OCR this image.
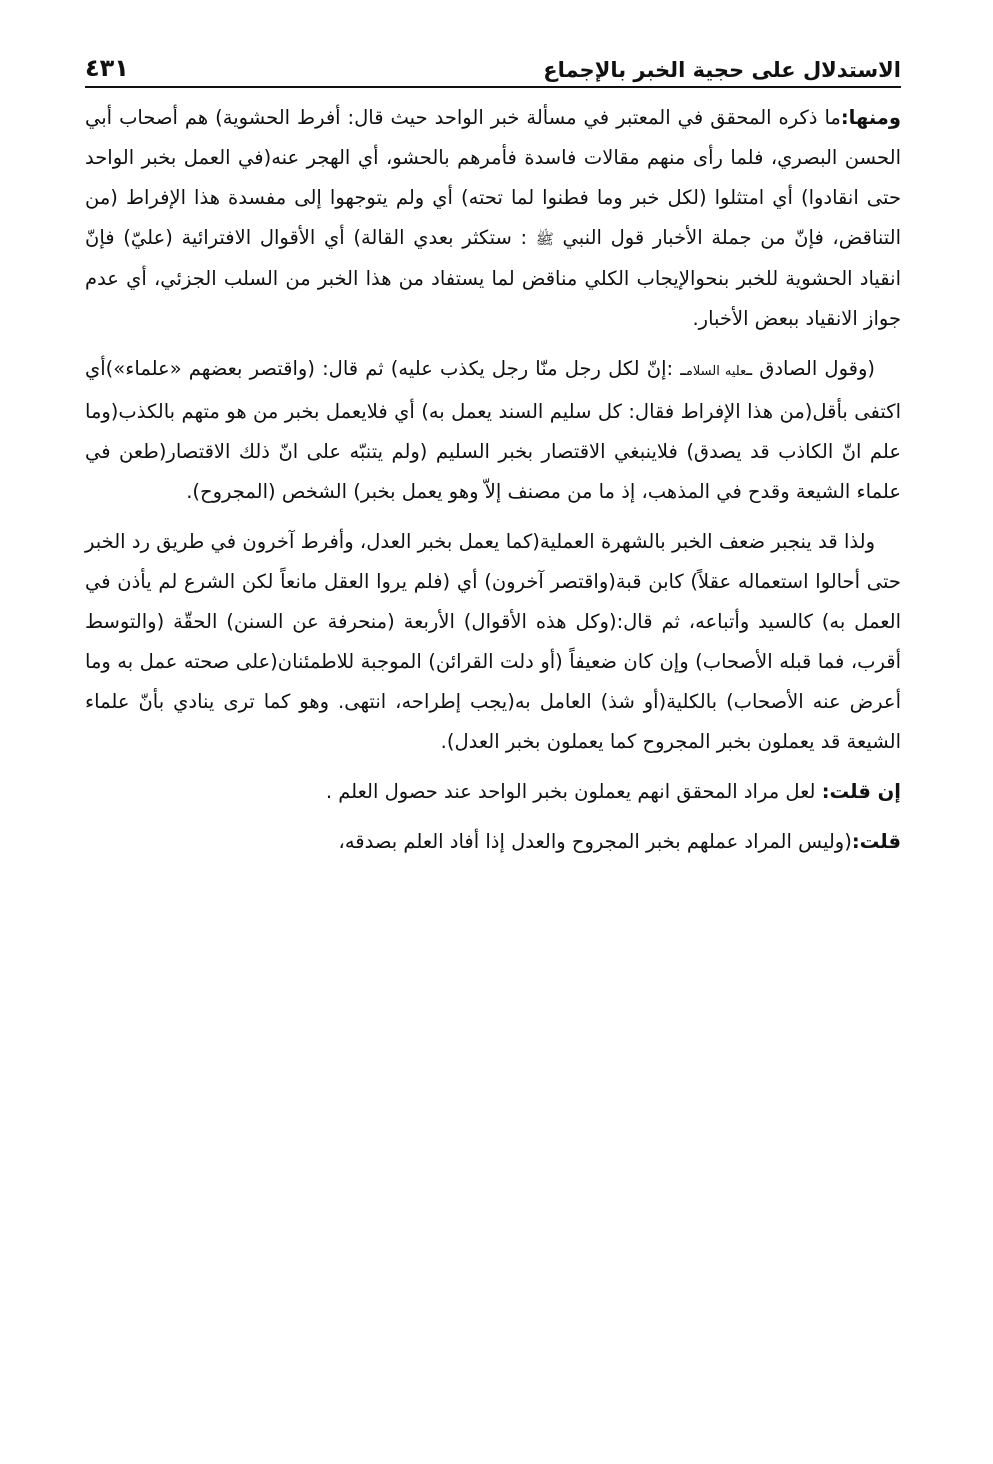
الاستدلال على حجية الخبر بالإجماع
٤٣١

ومنها:ما ذكره المحقق في المعتبر في مسألة خبر الواحد حيث قال: أفرط الحشوية) هم أصحاب أبي الحسن البصري، فلما رأى منهم مقالات فاسدة فأمرهم بالحشو، أي الهجر عنه(في العمل بخبر الواحد حتى انقادوا) أي امتثلوا (لكل خبر وما فطنوا لما تحته) أي ولم يتوجهوا إلى مفسدة هذا الإفراط (من التناقض، فإنّ من جملة الأخبار قول النبي ﷺ : ستكثر بعدي القالة) أي الأقوال الافترائية (عليّ) فإنّ انقياد الحشوية للخبر بنحوالإيجاب الكلي مناقض لما يستفاد من هذا الخبر من السلب الجزئي، أي عدم جواز الانقياد ببعض الأخبار.

(وقول الصادق ـعليه السلامـ :إنّ لكل رجل منّا رجل يكذب عليه) ثم قال: (واقتصر بعضهم «علماء»)أي اكتفى بأقل(من هذا الإفراط فقال: كل سليم السند يعمل به) أي فلايعمل بخبر من هو متهم بالكذب(وما علم انّ الكاذب قد يصدق) فلاينبغي الاقتصار بخبر السليم (ولم يتنبّه على انّ ذلك الاقتصار(طعن في علماء الشيعة وقدح في المذهب، إذ ما من مصنف إلاّ وهو يعمل بخبر) الشخص (المجروح).

ولذا قد ينجبر ضعف الخبر بالشهرة العملية(كما يعمل بخبر العدل، وأفرط آخرون في طريق رد الخبر حتى أحالوا استعماله عقلاً) كابن قبة(واقتصر آخرون) أي (فلم يروا العقل مانعاً لكن الشرع لم يأذن في العمل به) كالسيد وأتباعه، ثم قال:(وكل هذه الأقوال) الأربعة (منحرفة عن السنن) الحقّة (والتوسط أقرب، فما قبله الأصحاب) وإن كان ضعيفاً (أو دلت القرائن) الموجبة للاطمئنان(على صحته عمل به وما أعرض عنه الأصحاب) بالكلية(أو شذ) العامل به(يجب إطراحه، انتهى. وهو كما ترى ينادي بأنّ علماء الشيعة قد يعملون بخبر المجروح كما يعملون بخبر العدل).

إن قلت: لعل مراد المحقق انهم يعملون بخبر الواحد عند حصول العلم .

قلت:(وليس المراد عملهم بخبر المجروح والعدل إذا أفاد العلم بصدقه،
